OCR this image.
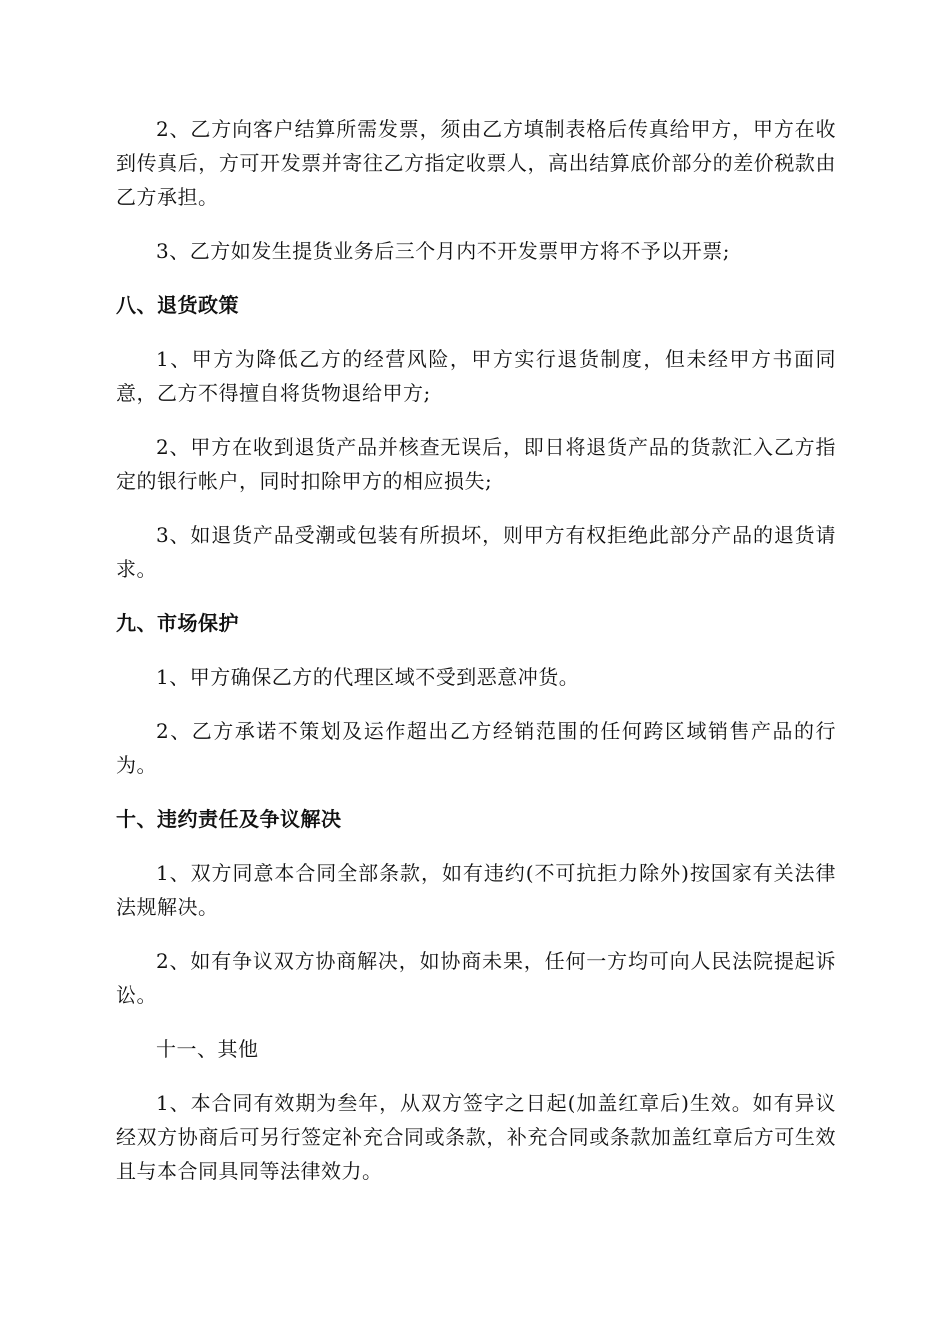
2、乙方向客户结算所需发票，须由乙方填制表格后传真给甲方，甲方在收到传真后，方可开发票并寄往乙方指定收票人，高出结算底价部分的差价税款由乙方承担。

3、乙方如发生提货业务后三个月内不开发票甲方将不予以开票;

八、退货政策

1、甲方为降低乙方的经营风险，甲方实行退货制度，但未经甲方书面同意，乙方不得擅自将货物退给甲方;

2、甲方在收到退货产品并核查无误后，即日将退货产品的货款汇入乙方指定的银行帐户，同时扣除甲方的相应损失;

3、如退货产品受潮或包装有所损坏，则甲方有权拒绝此部分产品的退货请求。

九、市场保护

1、甲方确保乙方的代理区域不受到恶意冲货。

2、乙方承诺不策划及运作超出乙方经销范围的任何跨区域销售产品的行为。

十、违约责任及争议解决

1、双方同意本合同全部条款，如有违约(不可抗拒力除外)按国家有关法律法规解决。

2、如有争议双方协商解决，如协商未果，任何一方均可向人民法院提起诉讼。

十一、其他

1、本合同有效期为叁年，从双方签字之日起(加盖红章后)生效。如有异议经双方协商后可另行签定补充合同或条款，补充合同或条款加盖红章后方可生效且与本合同具同等法律效力。
